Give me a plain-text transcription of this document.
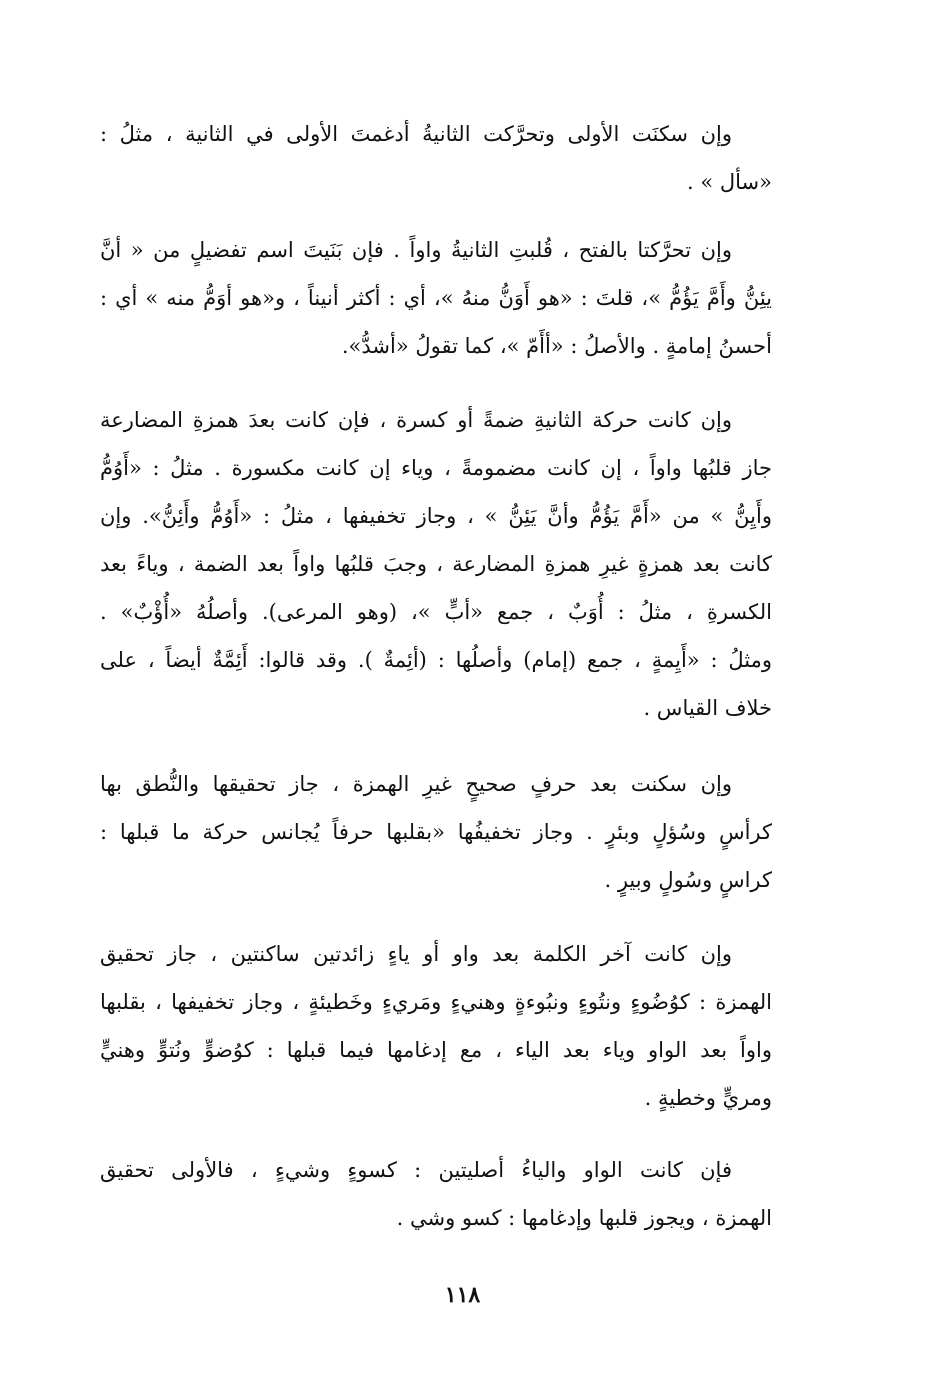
وإن سكنَت الأولى وتحرَّكت الثانيةُ أدغمتَ الأولى في الثانية ، مثلُ :
«سأل » .
وإن تحرَّكتا بالفتح ، قُلبتِ الثانيةُ واواً . فإن بَنَيتَ اسم تفضيلٍ من « أنَّ
يئِنُّ وأَمَّ يَؤُمُّ »، قلتَ : «هو أَوَنُّ منهُ »، أي : أكثر أنيناً ، و«هو أوَمُّ منه » أي :
أحسنُ إمامةٍ . والأصلُ : «أأَمّ »، كما تقولُ «أشدُّ».
وإن كانت حركة الثانيةِ ضمةً أو كسرة ، فإن كانت بعدَ همزةِ المضارعة
جاز قلبُها واواً ، إن كانت مضمومةً ، وياء إن كانت مكسورة . مثلُ : «أَوُمُّ
وأَيِنُّ » من «أَمَّ يَؤُمُّ وأنَّ يَئِنُّ » ، وجاز تخفيفها ، مثلُ : «أَوُمُّ وأَئِنُّ». وإن
كانت بعد همزةٍ غيرِ همزةِ المضارعة ، وجبَ قلبُها واواً بعد الضمة ، وياءً بعد
الكسرةِ ، مثلُ : أُوَبٌ ، جمع «أبٍّ »، (وهو المرعى). وأصلُهُ «أُؤْبٌ» .
ومثلُ : «أَيِمةٍ ، جمع (إمام) وأصلُها : (أئِمةٌ ). وقد قالوا: أَئِمَّةٌ أيضاً ، على
خلاف القياس .
وإن سكنت بعد حرفٍ صحيحٍ غيرِ الهمزة ، جاز تحقيقها والنُّطق بها
كرأسٍ وسُؤلٍ وبئرٍ . وجاز تخفيفُها «بقلبها حرفاً يُجانس حركة ما قبلها :
كراسٍ وسُولٍ وبيرٍ .
وإن كانت آخر الكلمة بعد واو أو ياءٍ زائدتين ساكنتين ، جاز تحقيق
الهمزة : كوُضُوءٍ ونتُوءٍ ونبُوءةٍ وهنيءٍ ومَريءٍ وخَطيئةٍ ، وجاز تخفيفها ، بقلبها
واواً بعد الواو وياء بعد الياء ، مع إدغامها فيما قبلها : كوُضوٍّ ونُتوٍّ وهنيٍّ
ومريٍّ وخطيةٍ .
فإن كانت الواو والياءُ أصليتين : كسوءٍ وشيءٍ ، فالأولى تحقيق
الهمزة ، ويجوز قلبها وإدغامها : كسو وشي .
١١٨
